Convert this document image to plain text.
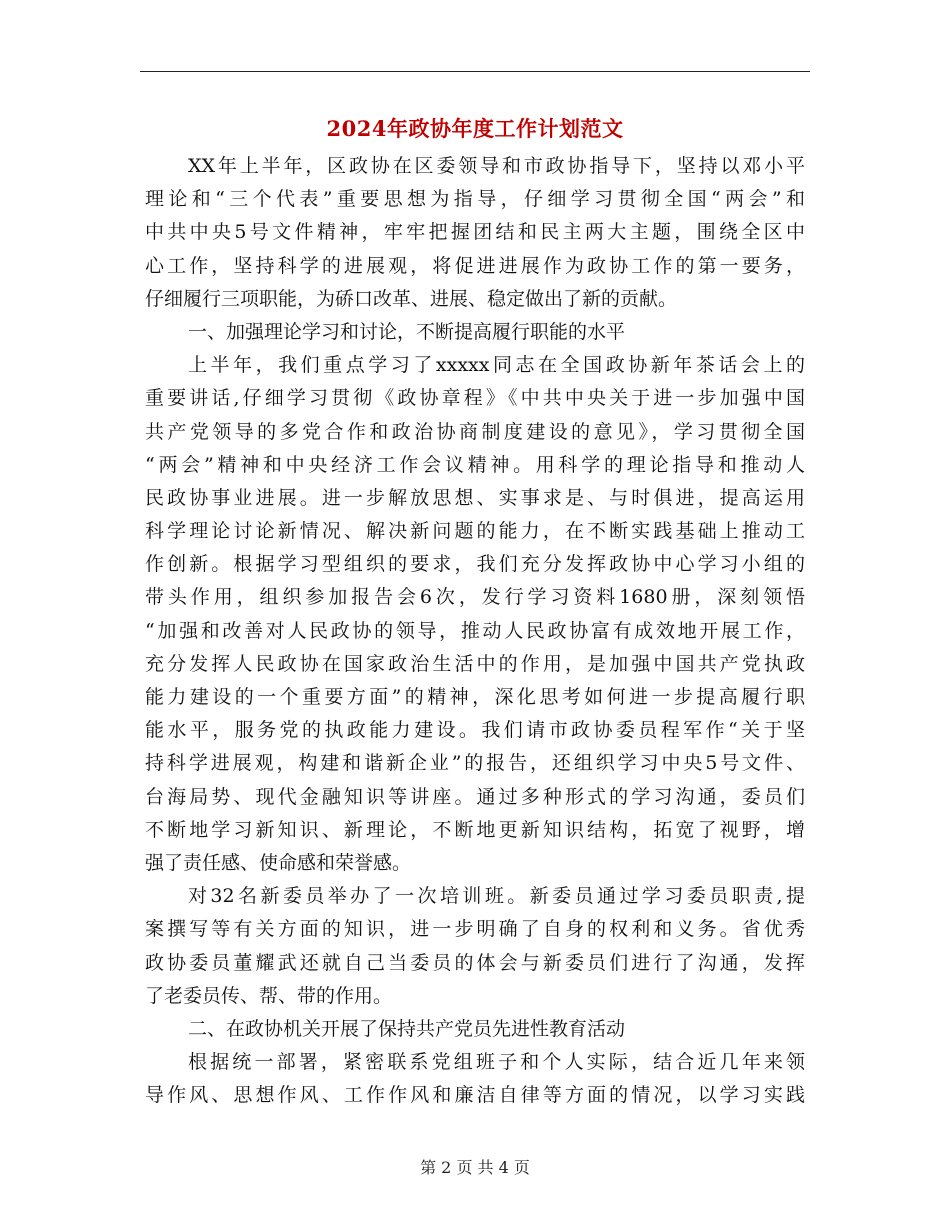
2024年政协年度工作计划范文
XX年上半年，区政协在区委领导和市政协指导下，坚持以邓小平
理论和“三个代表”重要思想为指导，仔细学习贯彻全国“两会”和
中共中央5号文件精神，牢牢把握团结和民主两大主题，围绕全区中
心工作，坚持科学的进展观，将促进进展作为政协工作的第一要务，
仔细履行三项职能，为硚口改革、进展、稳定做出了新的贡献。
一、加强理论学习和讨论，不断提高履行职能的水平
上半年，我们重点学习了xxxxx同志在全国政协新年茶话会上的
重要讲话,仔细学习贯彻《政协章程》《中共中央关于进一步加强中国
共产党领导的多党合作和政治协商制度建设的意见》，学习贯彻全国
“两会”精神和中央经济工作会议精神。用科学的理论指导和推动人
民政协事业进展。进一步解放思想、实事求是、与时俱进，提高运用
科学理论讨论新情况、解决新问题的能力，在不断实践基础上推动工
作创新。根据学习型组织的要求，我们充分发挥政协中心学习小组的
带头作用，组织参加报告会6次，发行学习资料1680册，深刻领悟
“加强和改善对人民政协的领导，推动人民政协富有成效地开展工作，
充分发挥人民政协在国家政治生活中的作用，是加强中国共产党执政
能力建设的一个重要方面”的精神，深化思考如何进一步提高履行职
能水平，服务党的执政能力建设。我们请市政协委员程军作“关于坚
持科学进展观，构建和谐新企业”的报告，还组织学习中央5号文件、
台海局势、现代金融知识等讲座。通过多种形式的学习沟通，委员们
不断地学习新知识、新理论，不断地更新知识结构，拓宽了视野，增
强了责任感、使命感和荣誉感。
对32名新委员举办了一次培训班。新委员通过学习委员职责,提
案撰写等有关方面的知识，进一步明确了自身的权利和义务。省优秀
政协委员董耀武还就自己当委员的体会与新委员们进行了沟通，发挥
了老委员传、帮、带的作用。
二、在政协机关开展了保持共产党员先进性教育活动
根据统一部署，紧密联系党组班子和个人实际，结合近几年来领
导作风、思想作风、工作作风和廉洁自律等方面的情况，以学习实践
第 2 页 共 4 页
